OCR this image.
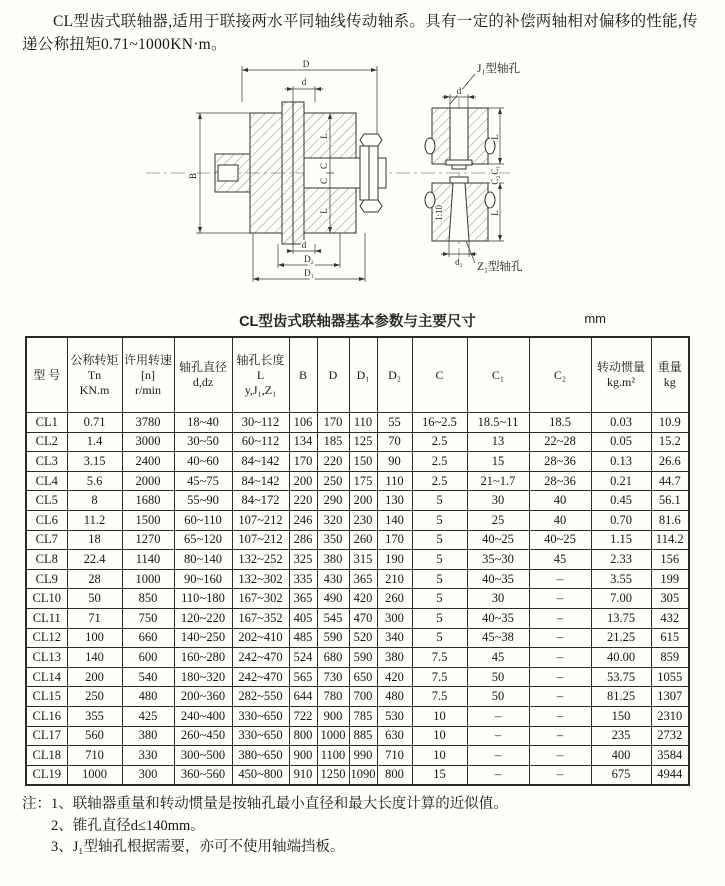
CL型齿式联轴器,适用于联接两水平同轴线传动轴系。具有一定的补偿两轴相对偏移的性能,传递公称扭矩0.71~1000KN·m。

D
d
B
L
C
C
L
d
D₂
D₁
d
L
C₁
C₂
L
1:10
d₂
J₁型轴孔
Z₁型轴孔
CL型齿式联轴器基本参数与主要尺寸	mm
型 号	公称转矩
Tn
KN.m	许用转速
[n]
r/min	轴孔直径
d,dz	轴孔长度
L
y,J₁,Z₁	B	D	D₁	D₂	C	C₁	C₂	转动惯量
kg.m²	重量
kg
CL1	0.71	3780	18~40	30~112	106	170	110	55	16~2.5	18.5~11	18.5	0.03	10.9
CL2	1.4	3000	30~50	60~112	134	185	125	70	2.5	13	22~28	0.05	15.2
CL3	3.15	2400	40~60	84~142	170	220	150	90	2.5	15	28~36	0.13	26.6
CL4	5.6	2000	45~75	84~142	200	250	175	110	2.5	21~1.7	28~36	0.21	44.7
CL5	8	1680	55~90	84~172	220	290	200	130	5	30	40	0.45	56.1
CL6	11.2	1500	60~110	107~212	246	320	230	140	5	25	40	0.70	81.6
CL7	18	1270	65~120	107~212	286	350	260	170	5	40~25	40~25	1.15	114.2
CL8	22.4	1140	80~140	132~252	325	380	315	190	5	35~30	45	2.33	156
CL9	28	1000	90~160	132~302	335	430	365	210	5	40~35	–	3.55	199
CL10	50	850	110~180	167~302	365	490	420	260	5	30	–	7.00	305
CL11	71	750	120~220	167~352	405	545	470	300	5	40~35	–	13.75	432
CL12	100	660	140~250	202~410	485	590	520	340	5	45~38	–	21.25	615
CL13	140	600	160~280	242~470	524	680	590	380	7.5	45	–	40.00	859
CL14	200	540	180~320	242~470	565	730	650	420	7.5	50	–	53.75	1055
CL15	250	480	200~360	282~550	644	780	700	480	7.5	50	–	81.25	1307
CL16	355	425	240~400	330~650	722	900	785	530	10	–	–	150	2310
CL17	560	380	260~450	330~650	800	1000	885	630	10	–	–	235	2732
CL18	710	330	300~500	380~650	900	1100	990	710	10	–	–	400	3584
CL19	1000	300	360~560	450~800	910	1250	1090	800	15	–	–	675	4944
注： 1、联轴器重量和转动惯量是按轴孔最小直径和最大长度计算的近似值。
2、锥孔直径d≤140mm。
3、J₁型轴孔根据需要，亦可不使用轴端挡板。
